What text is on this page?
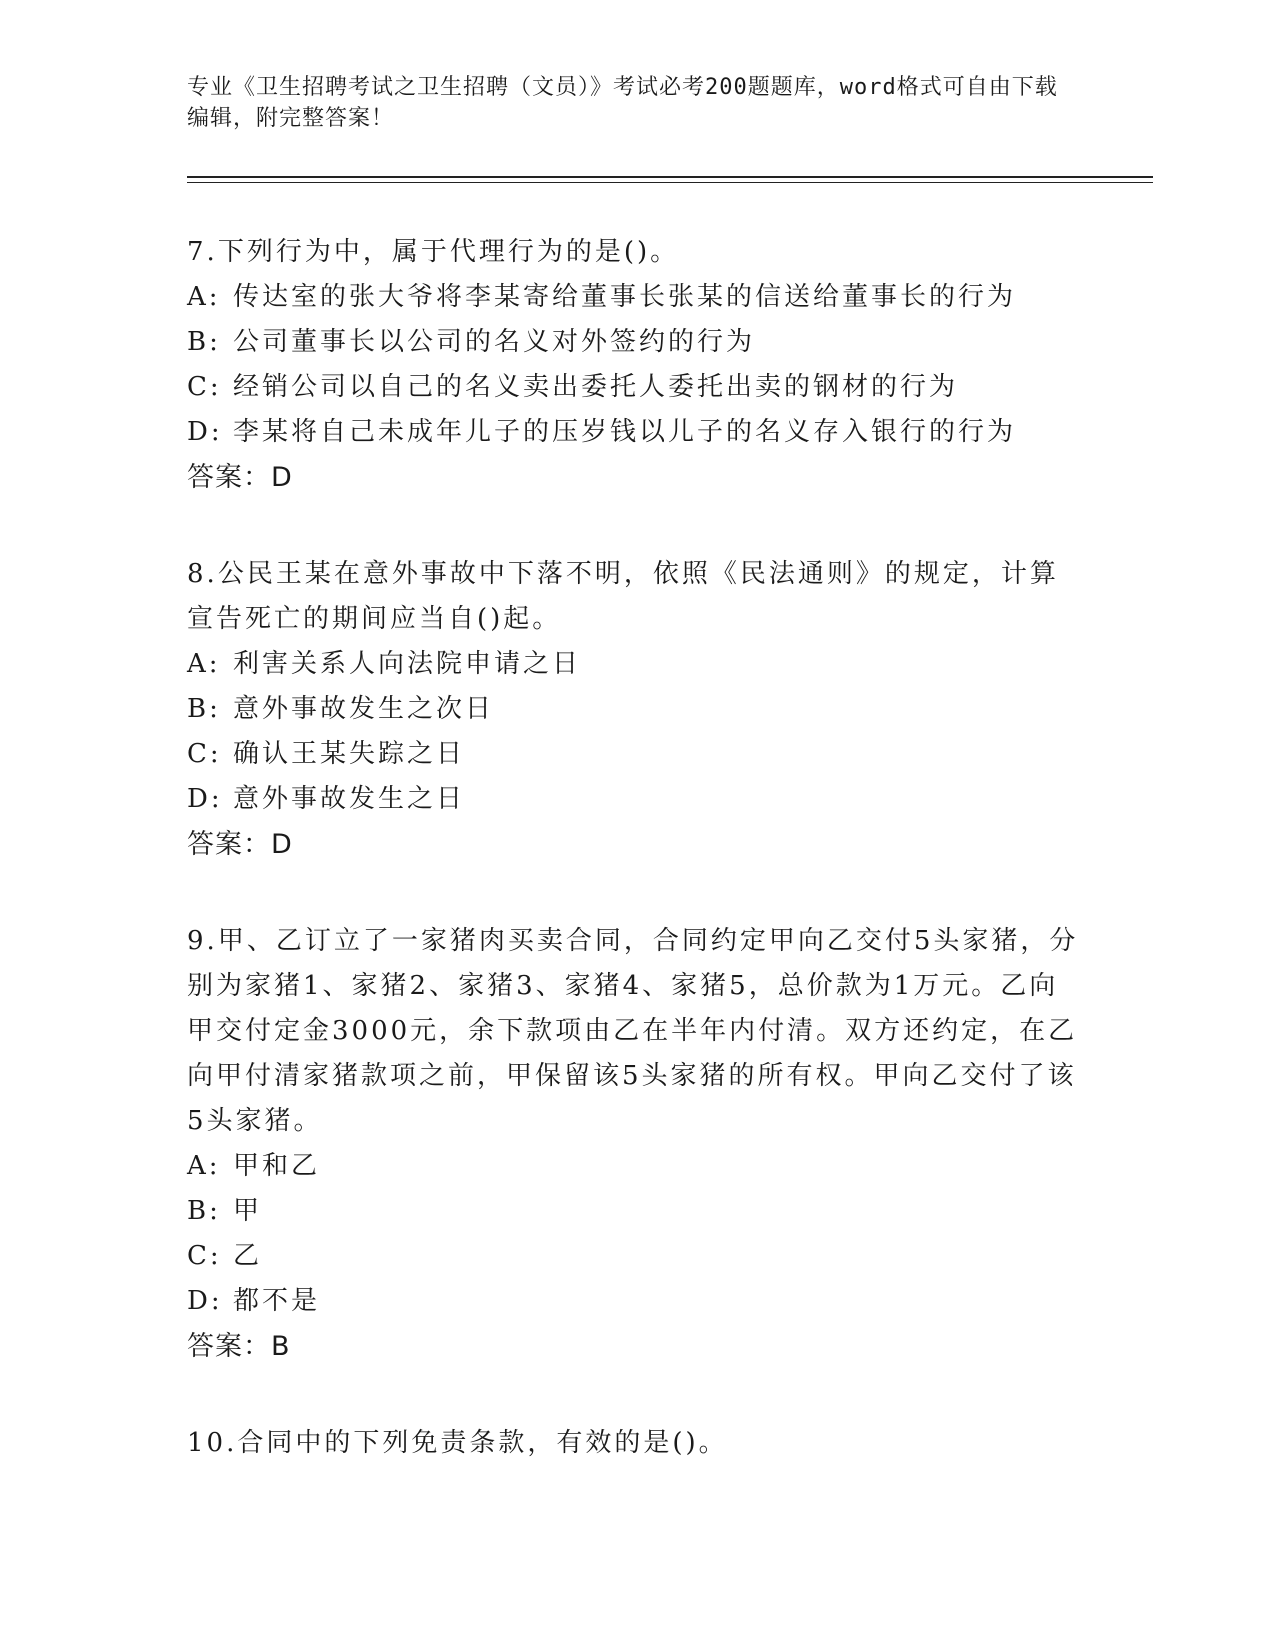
专业《卫生招聘考试之卫生招聘（文员）》考试必考200题题库，word格式可自由下载编辑，附完整答案！

7.下列行为中，属于代理行为的是()。

A: 传达室的张大爷将李某寄给董事长张某的信送给董事长的行为

B: 公司董事长以公司的名义对外签约的行为

C: 经销公司以自己的名义卖出委托人委托出卖的钢材的行为

D: 李某将自己未成年儿子的压岁钱以儿子的名义存入银行的行为

答案：D

8.公民王某在意外事故中下落不明，依照《民法通则》的规定，计算宣告死亡的期间应当自()起。

A: 利害关系人向法院申请之日

B: 意外事故发生之次日

C: 确认王某失踪之日

D: 意外事故发生之日

答案：D

9.甲、乙订立了一家猪肉买卖合同，合同约定甲向乙交付5头家猪，分别为家猪1、家猪2、家猪3、家猪4、家猪5，总价款为1万元。乙向甲交付定金3000元，余下款项由乙在半年内付清。双方还约定，在乙向甲付清家猪款项之前，甲保留该5头家猪的所有权。甲向乙交付了该5头家猪。

A: 甲和乙

B: 甲

C: 乙

D: 都不是

答案：B

10.合同中的下列免责条款，有效的是()。
